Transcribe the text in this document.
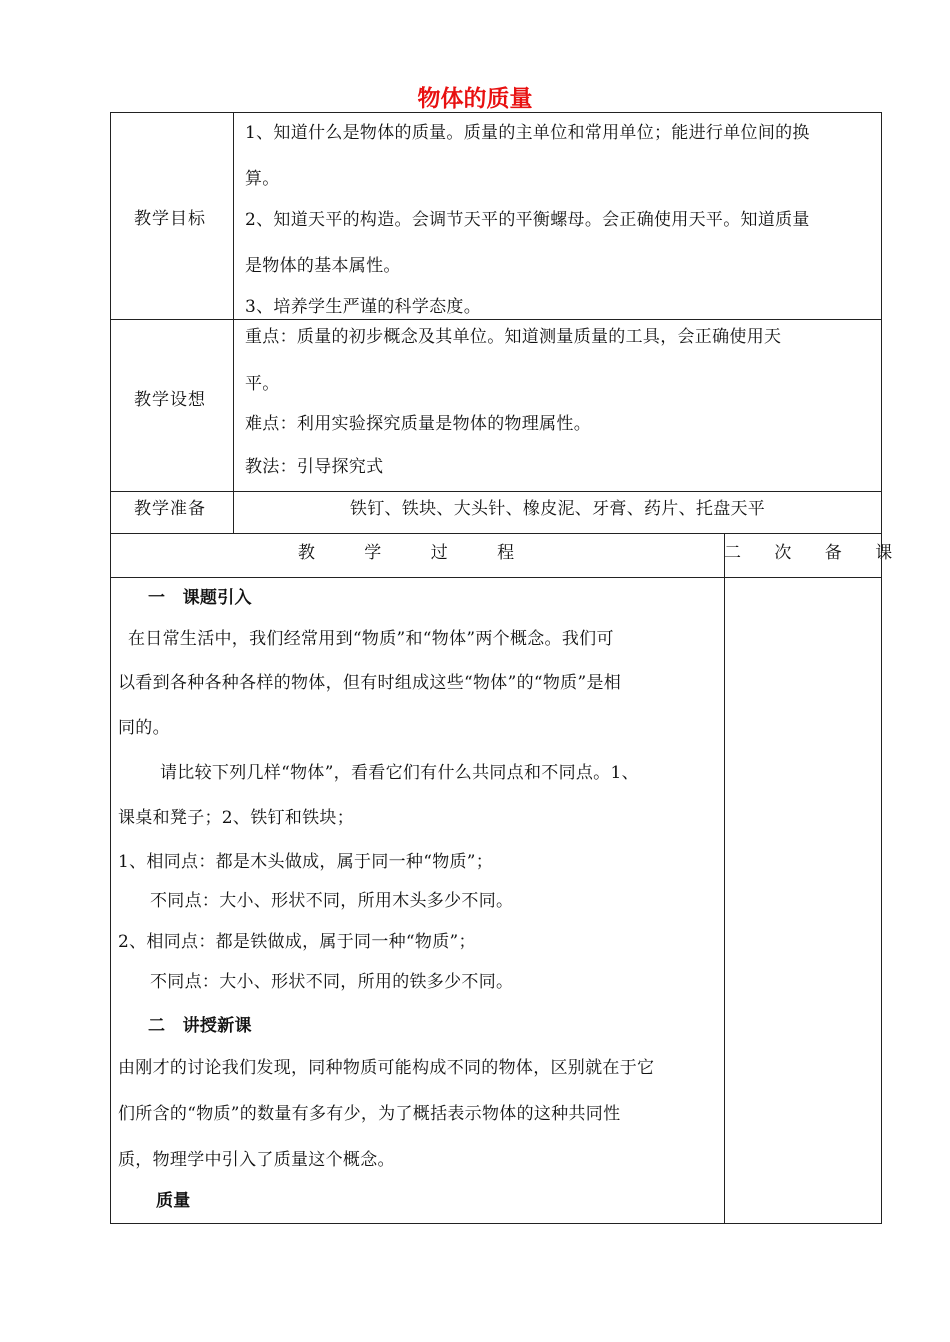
物体的质量
教学目标
1、知道什么是物体的质量。质量的主单位和常用单位；能进行单位间的换
算。
2、知道天平的构造。会调节天平的平衡螺母。会正确使用天平。知道质量
是物体的基本属性。
3、培养学生严谨的科学态度。
教学设想
重点：质量的初步概念及其单位。知道测量质量的工具，会正确使用天
平。
难点：利用实验探究质量是物体的物理属性。
教法：引导探究式
教学准备	铁钉、铁块、大头针、橡皮泥、牙膏、药片、托盘天平
教 学 过 程	二 次 备 课
一　课题引入
在日常生活中，我们经常用到“物质”和“物体”两个概念。我们可
以看到各种各种各样的物体，但有时组成这些“物体”的“物质”是相
同的。
请比较下列几样“物体”，看看它们有什么共同点和不同点。1、
课桌和凳子；2、铁钉和铁块；
1、相同点：都是木头做成，属于同一种“物质”；
不同点：大小、形状不同，所用木头多少不同。
2、相同点：都是铁做成，属于同一种“物质”；
不同点：大小、形状不同，所用的铁多少不同。
二　讲授新课
由刚才的讨论我们发现，同种物质可能构成不同的物体，区别就在于它
们所含的“物质”的数量有多有少，为了概括表示物体的这种共同性
质，物理学中引入了质量这个概念。
质量
